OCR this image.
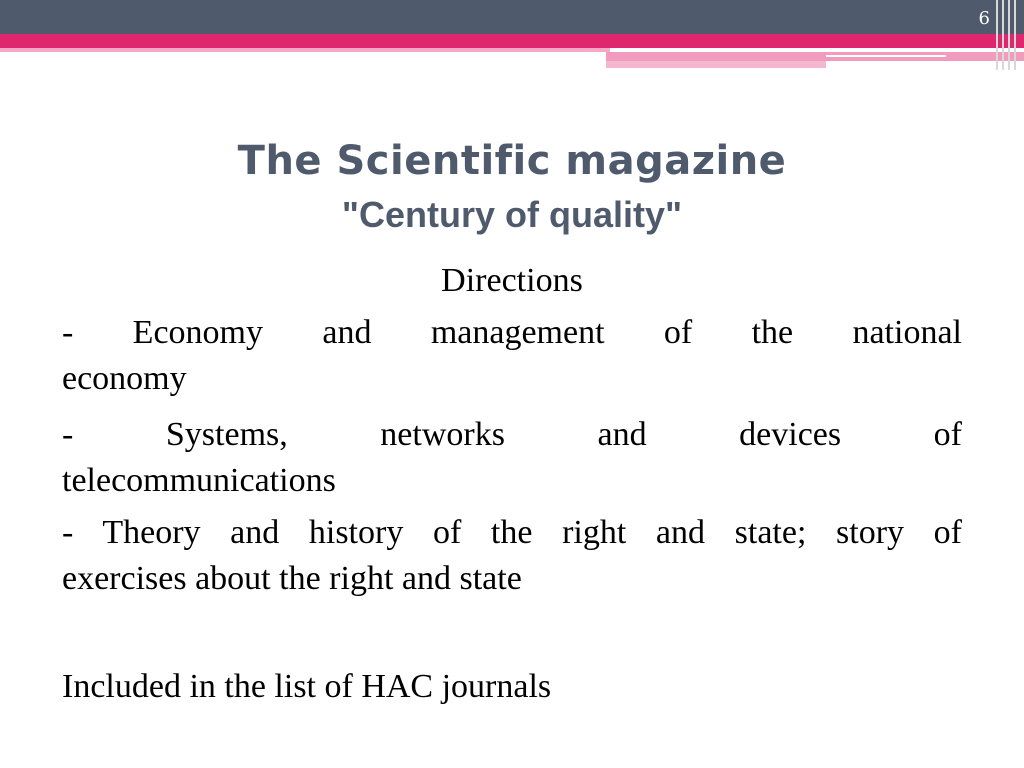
6
The Scientific magazine
"Century of quality"
Directions
- Economy and management of the national
economy
- Systems, networks and devices of
telecommunications
- Theory and history of the right and state; story of
exercises about the right and state
Included in the list of HAC journals
